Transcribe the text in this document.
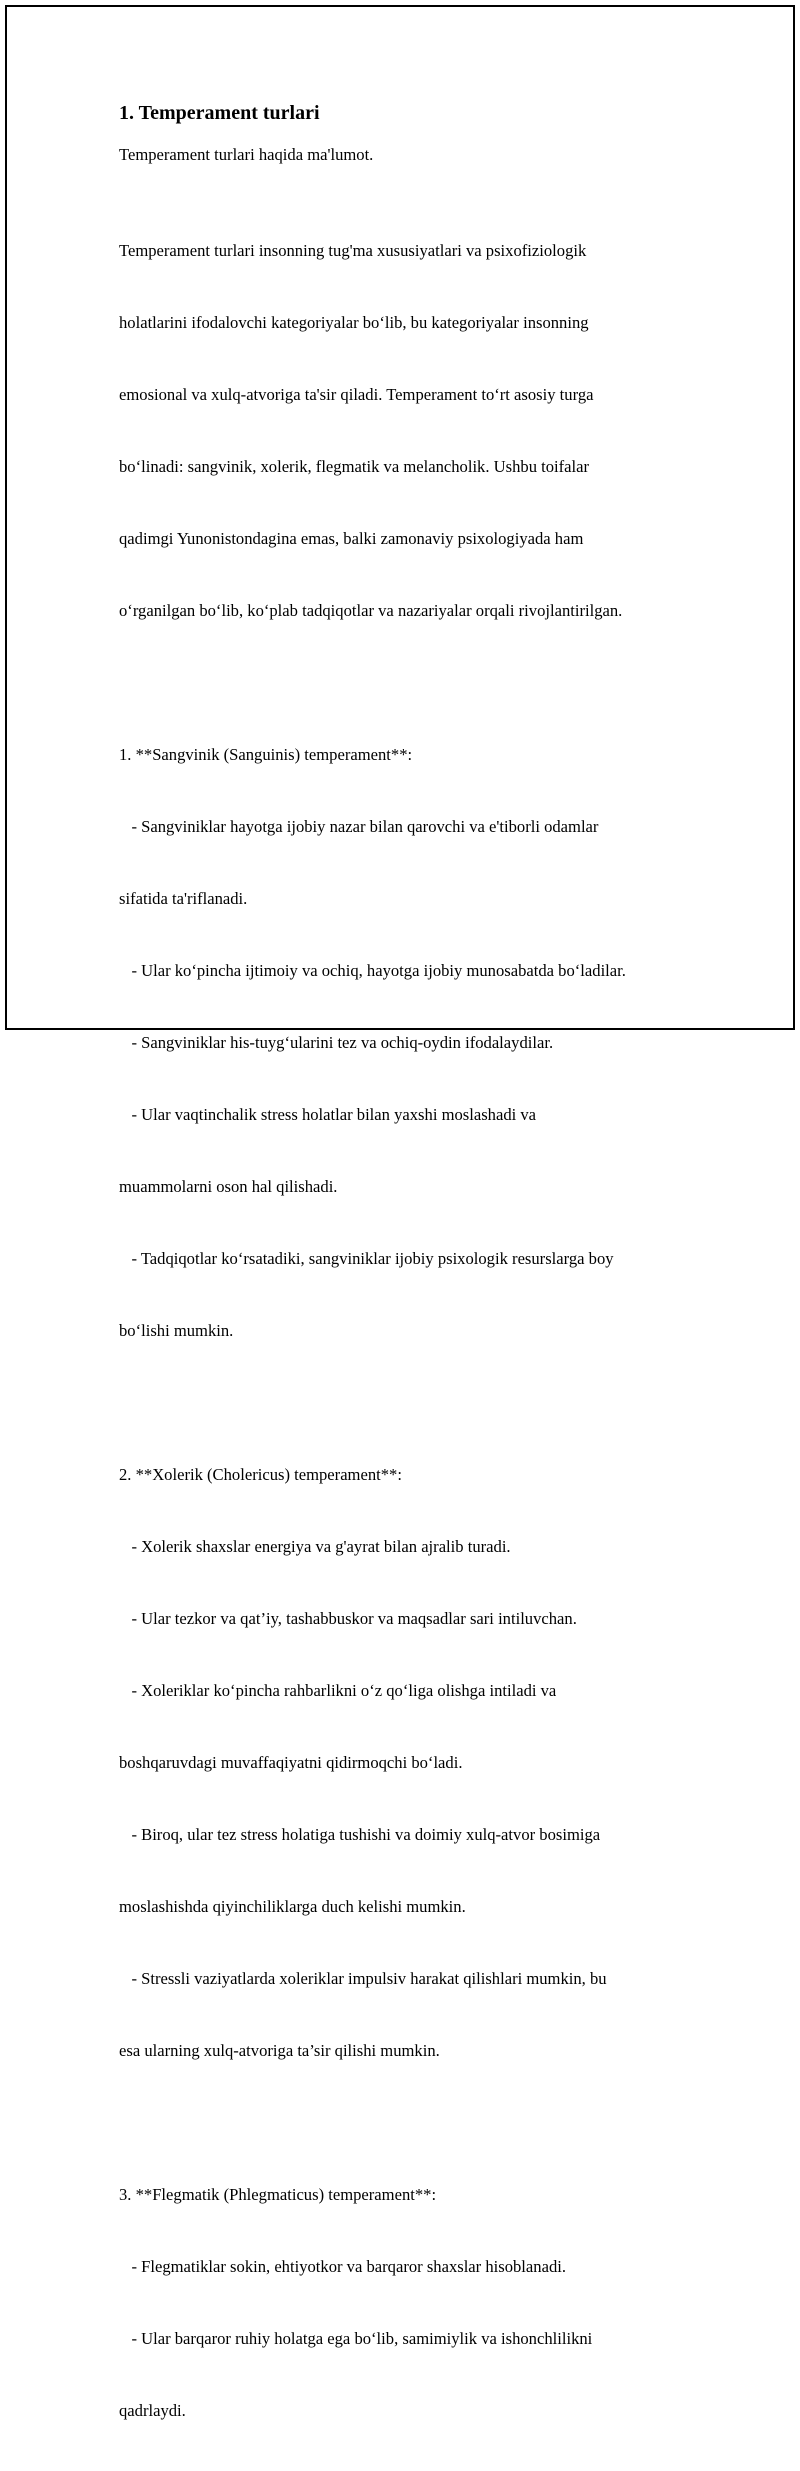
1. Temperament turlari

Temperament turlari haqida ma'lumot.

Temperament turlari insonning tug'ma xususiyatlari va psixofiziologik

holatlarini ifodalovchi kategoriyalar bo‘lib, bu kategoriyalar insonning

emosional va xulq-atvoriga ta'sir qiladi. Temperament to‘rt asosiy turga

bo‘linadi: sangvinik, xolerik, flegmatik va melancholik. Ushbu toifalar

qadimgi Yunonistondagina emas, balki zamonaviy psixologiyada ham

o‘rganilgan bo‘lib, ko‘plab tadqiqotlar va nazariyalar orqali rivojlantirilgan.

1. **Sangvinik (Sanguinis) temperament**:

- Sangviniklar hayotga ijobiy nazar bilan qarovchi va e'tiborli odamlar

sifatida ta'riflanadi.

- Ular ko‘pincha ijtimoiy va ochiq, hayotga ijobiy munosabatda bo‘ladilar.

- Sangviniklar his-tuyg‘ularini tez va ochiq-oydin ifodalaydilar.

- Ular vaqtinchalik stress holatlar bilan yaxshi moslashadi va

muammolarni oson hal qilishadi.

- Tadqiqotlar ko‘rsatadiki, sangviniklar ijobiy psixologik resurslarga boy

bo‘lishi mumkin.

2. **Xolerik (Cholericus) temperament**:

- Xolerik shaxslar energiya va g'ayrat bilan ajralib turadi.

- Ular tezkor va qat’iy, tashabbuskor va maqsadlar sari intiluvchan.

- Xoleriklar ko‘pincha rahbarlikni o‘z qo‘liga olishga intiladi va

boshqaruvdagi muvaffaqiyatni qidirmoqchi bo‘ladi.

- Biroq, ular tez stress holatiga tushishi va doimiy xulq-atvor bosimiga

moslashishda qiyinchiliklarga duch kelishi mumkin.

- Stressli vaziyatlarda xoleriklar impulsiv harakat qilishlari mumkin, bu

esa ularning xulq-atvoriga ta’sir qilishi mumkin.

3. **Flegmatik (Phlegmaticus) temperament**:

- Flegmatiklar sokin, ehtiyotkor va barqaror shaxslar hisoblanadi.

- Ular barqaror ruhiy holatga ega bo‘lib, samimiylik va ishonchlilikni

qadrlaydi.
